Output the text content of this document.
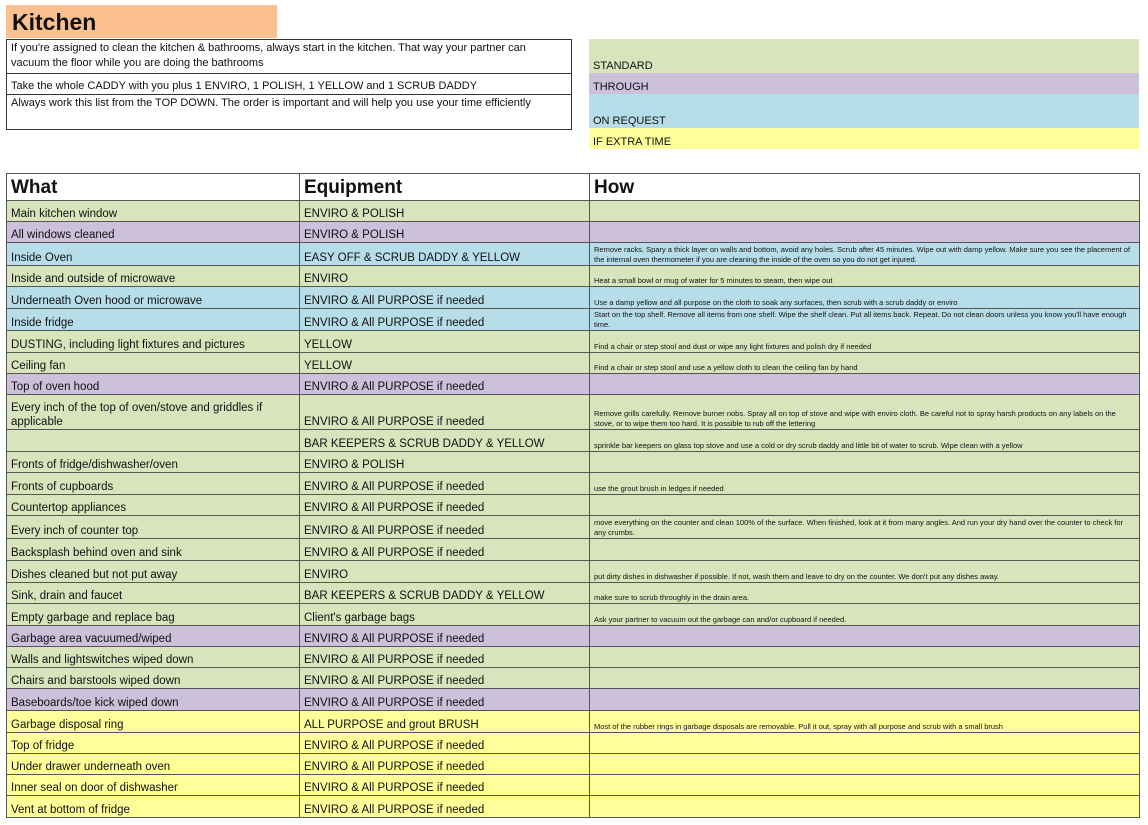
Kitchen
If you're assigned to clean the kitchen & bathrooms, always start in the kitchen. That way your partner can vacuum the floor while you are doing the bathrooms
Take the whole CADDY with you plus 1 ENVIRO, 1 POLISH, 1 YELLOW and 1 SCRUB DADDY
Always work this list from the TOP DOWN. The order is important and will help you use your time efficiently
STANDARD
THROUGH
ON REQUEST
IF EXTRA TIME
What	Equipment	How
Main kitchen window	ENVIRO & POLISH	
All windows cleaned	ENVIRO & POLISH	
Inside Oven	EASY OFF & SCRUB DADDY & YELLOW	Remove racks. Spary a thick layer on walls and bottom, avoid any holes. Scrub after 45 minutes. Wipe out with damp yellow. Make sure you see the placement of the internal oven thermometer if you are cleaning the inside of the oven so you do not get injured.
Inside and outside of microwave	ENVIRO	Heat a small bowl or mug of water for 5 minutes to steam, then wipe out
Underneath Oven hood or microwave	ENVIRO & All PURPOSE if needed	Use a damp yellow and all purpose on the cloth to soak any surfaces, then scrub with a scrub daddy or enviro
Inside fridge	ENVIRO & All PURPOSE if needed	Start on the top shelf. Remove all items from one shelf. Wipe the shelf clean. Put all items back. Repeat. Do not clean doors unless you know you'll have enough time.
DUSTING, including light fixtures and pictures	YELLOW	Find a chair or step stool and dust or wipe any light fixtures and polish dry if needed
Ceiling fan	YELLOW	Find a chair or step stool and use a yellow cloth to clean the ceiling fan by hand
Top of oven hood	ENVIRO & All PURPOSE if needed	
Every inch of the top of oven/stove and griddles if applicable	ENVIRO & All PURPOSE if needed	Remove grills carefully. Remove burner nobs. Spray all on top of stove and wipe with enviro cloth. Be careful not to spray harsh products on any labels on the stove, or to wipe them too hard. It is possible to rub off the lettering
	BAR KEEPERS & SCRUB DADDY & YELLOW	sprinkle bar keepers on glass top stove and use a cold or dry scrub daddy and little bit of water to scrub. Wipe clean with a yellow
Fronts of fridge/dishwasher/oven	ENVIRO & POLISH	
Fronts of cupboards	ENVIRO & All PURPOSE if needed	use the grout brush in ledges if needed
Countertop appliances	ENVIRO & All PURPOSE if needed	
Every inch of counter top	ENVIRO & All PURPOSE if needed	move everything on the counter and clean 100% of the surface. When finished, look at it from many angles. And run your dry hand over the counter to check for any crumbs.
Backsplash behind oven and sink	ENVIRO & All PURPOSE if needed	
Dishes cleaned but not put away	ENVIRO	put dirty dishes in dishwasher if possible. If not, wash them and leave to dry on the counter. We don't put any dishes away.
Sink, drain and faucet	BAR KEEPERS & SCRUB DADDY & YELLOW	make sure to scrub throughly in the drain area.
Empty garbage and replace bag	Client's garbage bags	Ask your partner to vacuum out the garbage can and/or cupboard if needed.
Garbage area vacuumed/wiped	ENVIRO & All PURPOSE if needed	
Walls and lightswitches wiped down	ENVIRO & All PURPOSE if needed	
Chairs and barstools wiped down	ENVIRO & All PURPOSE if needed	
Baseboards/toe kick wiped down	ENVIRO & All PURPOSE if needed	
Garbage disposal ring	ALL PURPOSE and grout BRUSH	Most of the rubber rings in garbage disposals are removable. Pull it out, spray with all purpose and scrub with a small brush
Top of fridge	ENVIRO & All PURPOSE if needed	
Under drawer underneath oven	ENVIRO & All PURPOSE if needed	
Inner seal on door of dishwasher	ENVIRO & All PURPOSE if needed	
Vent at bottom of fridge	ENVIRO & All PURPOSE if needed	
